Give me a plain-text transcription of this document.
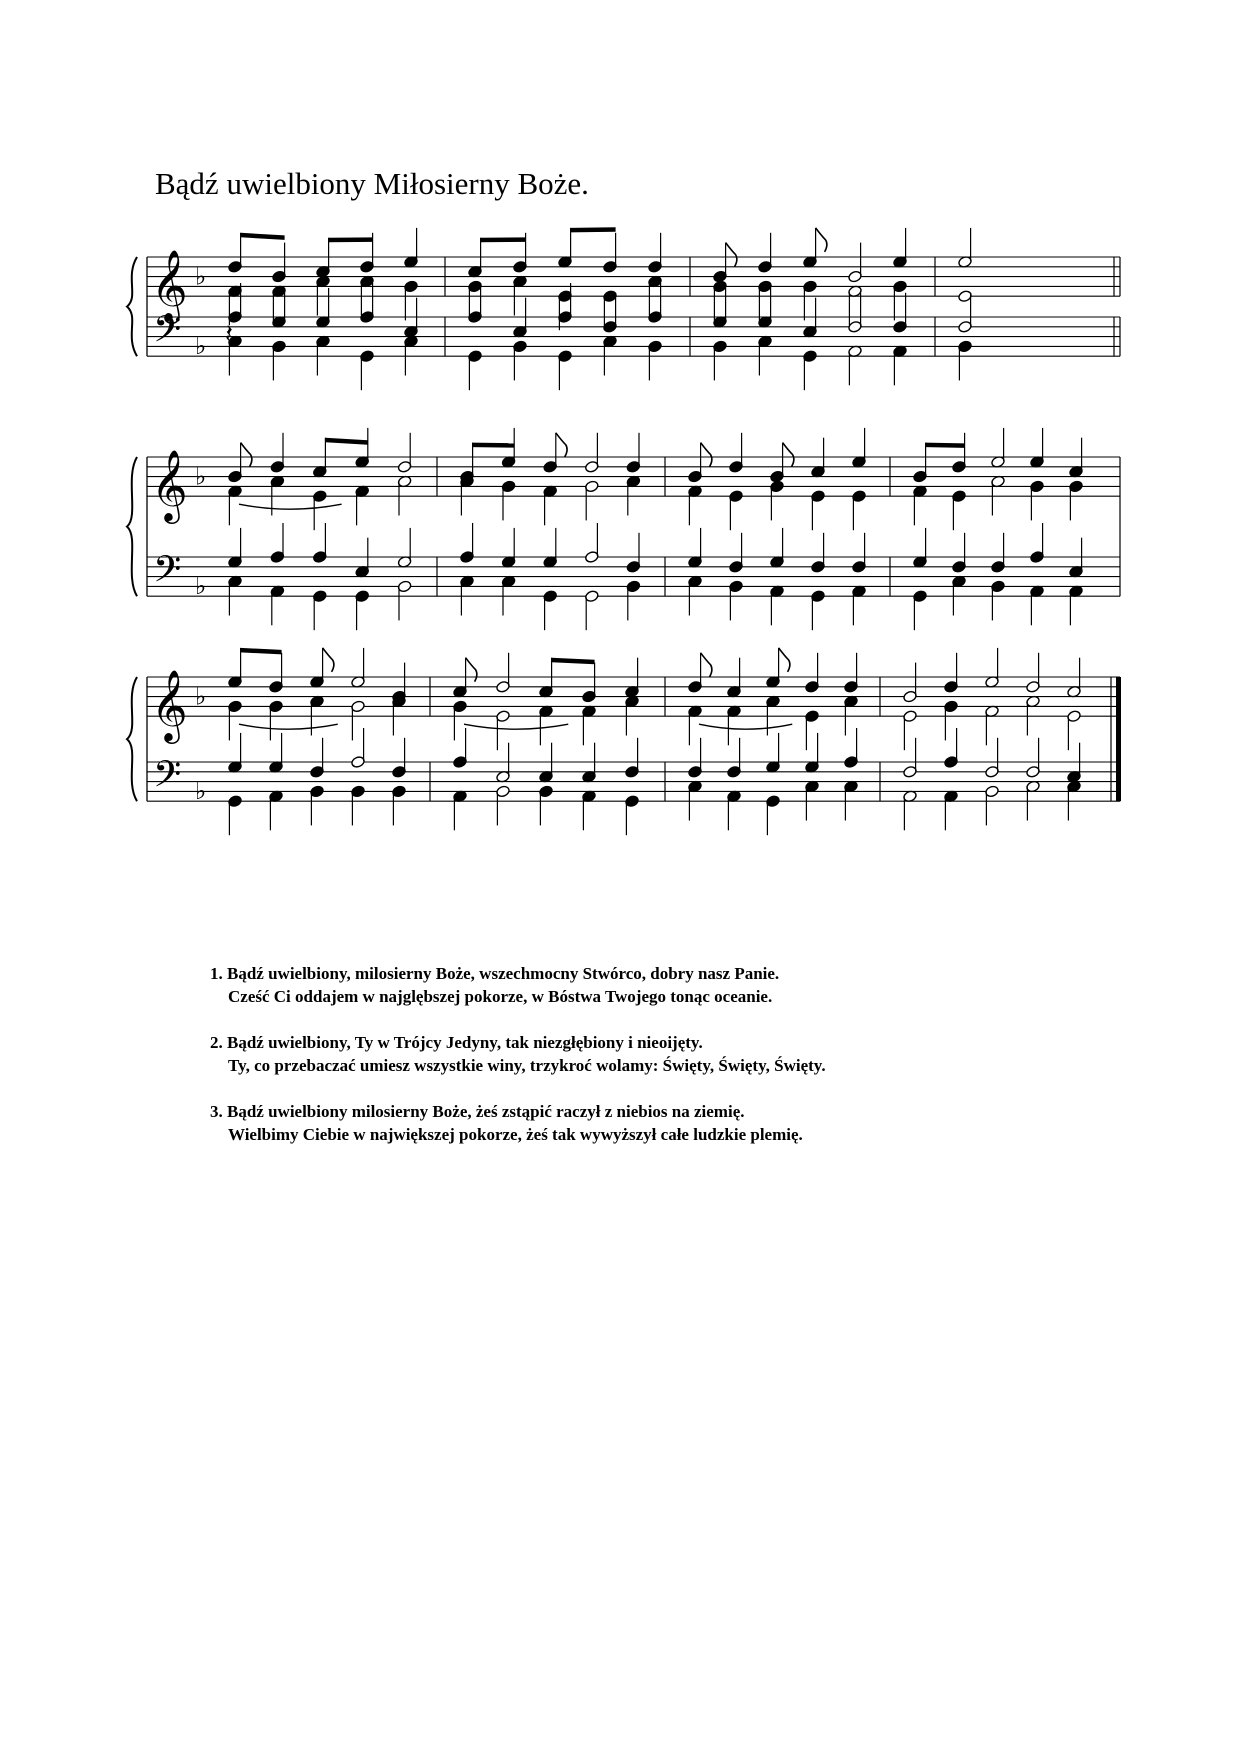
Bądź uwielbiony Miłosierny Boże.
𝄞
𝄢
♭
♭ 𝄽
𝄞
𝄢
♭
♭
𝄞
𝄢
♭
♭
1. Bądź uwielbiony, milosierny Boże, wszechmocny Stwórco, dobry nasz Panie.
Cześć Ci oddajem w najglębszej pokorze, w Bóstwa Twojego tonąc oceanie.
2. Bądź uwielbiony, Ty w Trójcy Jedyny, tak niezgłębiony i nieoijęty.
Ty, co przebaczać umiesz wszystkie winy, trzykroć wolamy: Święty, Święty, Święty.
3. Bądź uwielbiony milosierny Boże, żeś zstąpić raczył z niebios na ziemię.
Wielbimy Ciebie w największej pokorze, żeś tak wywyższył całe ludzkie plemię.
